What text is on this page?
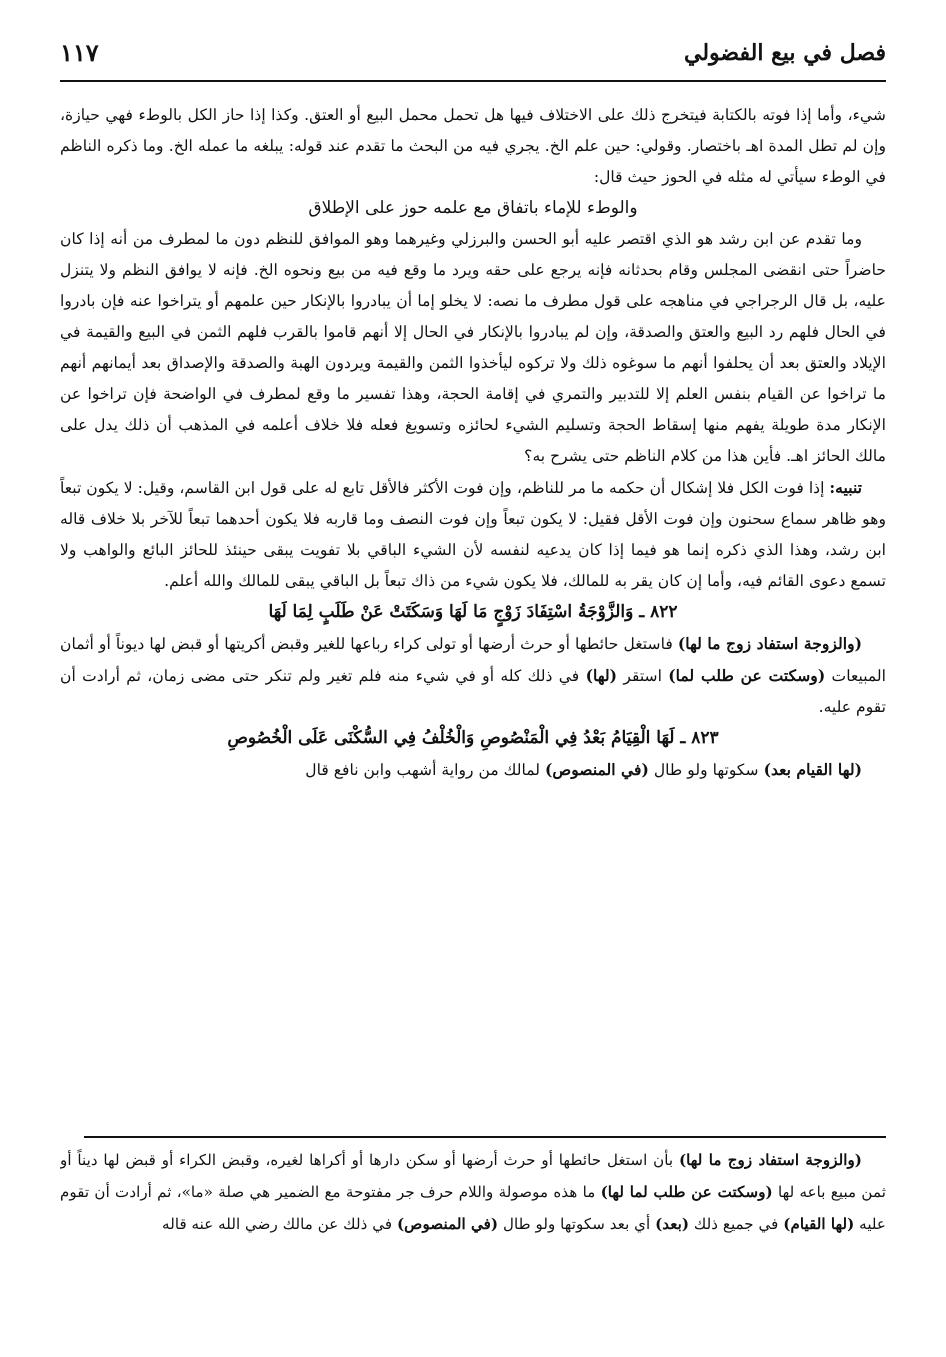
فصل في بيع الفضولي
١١٧

شيء، وأما إذا فوته بالكتابة فيتخرج ذلك على الاختلاف فيها هل تحمل محمل البيع أو العتق. وكذا إذا حاز الكل بالوطء فهي حيازة، وإن لم تطل المدة اهـ باختصار. وقولي: حين علم الخ. يجري فيه من البحث ما تقدم عند قوله: يبلغه ما عمله الخ. وما ذكره الناظم في الوطء سيأتي له مثله في الحوز حيث قال:

والوطء للإماء باتفاق مع علمه حوز على الإطلاق

وما تقدم عن ابن رشد هو الذي اقتصر عليه أبو الحسن والبرزلي وغيرهما وهو الموافق للنظم دون ما لمطرف من أنه إذا كان حاضراً حتى انقضى المجلس وقام بحدثانه فإنه يرجع على حقه ويرد ما وقع فيه من بيع ونحوه الخ. فإنه لا يوافق النظم ولا يتنزل عليه، بل قال الرجراجي في مناهجه على قول مطرف ما نصه: لا يخلو إما أن يبادروا بالإنكار حين علمهم أو يتراخوا عنه فإن بادروا في الحال فلهم رد البيع والعتق والصدقة، وإن لم يبادروا بالإنكار في الحال إلا أنهم قاموا بالقرب فلهم الثمن في البيع والقيمة في الإيلاد والعتق بعد أن يحلفوا أنهم ما سوغوه ذلك ولا تركوه ليأخذوا الثمن والقيمة ويردون الهبة والصدقة والإصداق بعد أيمانهم أنهم ما تراخوا عن القيام بنفس العلم إلا للتدبير والتمري في إقامة الحجة، وهذا تفسير ما وقع لمطرف في الواضحة فإن تراخوا عن الإنكار مدة طويلة يفهم منها إسقاط الحجة وتسليم الشيء لحائزه وتسويغ فعله فلا خلاف أعلمه في المذهب أن ذلك يدل على مالك الحائز اهـ. فأين هذا من كلام الناظم حتى يشرح به؟

تنبيه: إذا فوت الكل فلا إشكال أن حكمه ما مر للناظم، وإن فوت الأكثر فالأقل تابع له على قول ابن القاسم، وقيل: لا يكون تبعاً وهو ظاهر سماع سحنون وإن فوت الأقل فقيل: لا يكون تبعاً وإن فوت النصف وما قاربه فلا يكون أحدهما تبعاً للآخر بلا خلاف قاله ابن رشد، وهذا الذي ذكره إنما هو فيما إذا كان يدعيه لنفسه لأن الشيء الباقي بلا تفويت يبقى حينئذ للحائز البائع والواهب ولا تسمع دعوى القائم فيه، وأما إن كان يقر به للمالك، فلا يكون شيء من ذاك تبعاً بل الباقي يبقى للمالك والله أعلم.

٨٢٢ ـ وَالزَّوْجَةُ اسْتِفَادَ زَوْجٍ مَا لَهَا وَسَكَتَتْ عَنْ طَلَبٍ لِمَا لَهَا

(والزوجة استفاد زوج ما لها) فاستغل حائطها أو حرث أرضها أو تولى كراء رباعها للغير وقبض أكريتها أو قبض لها ديوناً أو أثمان المبيعات (وسكتت عن طلب لما) استقر (لها) في ذلك كله أو في شيء منه فلم تغير ولم تنكر حتى مضى زمان، ثم أرادت أن تقوم عليه.

٨٢٣ ـ لَهَا الْقِيَامُ بَعْدُ فِي الْمَنْصُوصِ وَالْخُلْفُ فِي السُّكْنَى عَلَى الْخُصُوصِ

(لها القيام بعد) سكوتها ولو طال (في المنصوص) لمالك من رواية أشهب وابن نافع قال

(والزوجة استفاد زوج ما لها) بأن استغل حائطها أو حرث أرضها أو سكن دارها أو أكراها لغيره، وقبض الكراء أو قبض لها ديناً أو ثمن مبيع باعه لها (وسكتت عن طلب لما لها) ما هذه موصولة واللام حرف جر مفتوحة مع الضمير هي صلة «ما»، ثم أرادت أن تقوم عليه (لها القيام) في جميع ذلك (بعد) أي بعد سكوتها ولو طال (في المنصوص) في ذلك عن مالك رضي الله عنه قاله
